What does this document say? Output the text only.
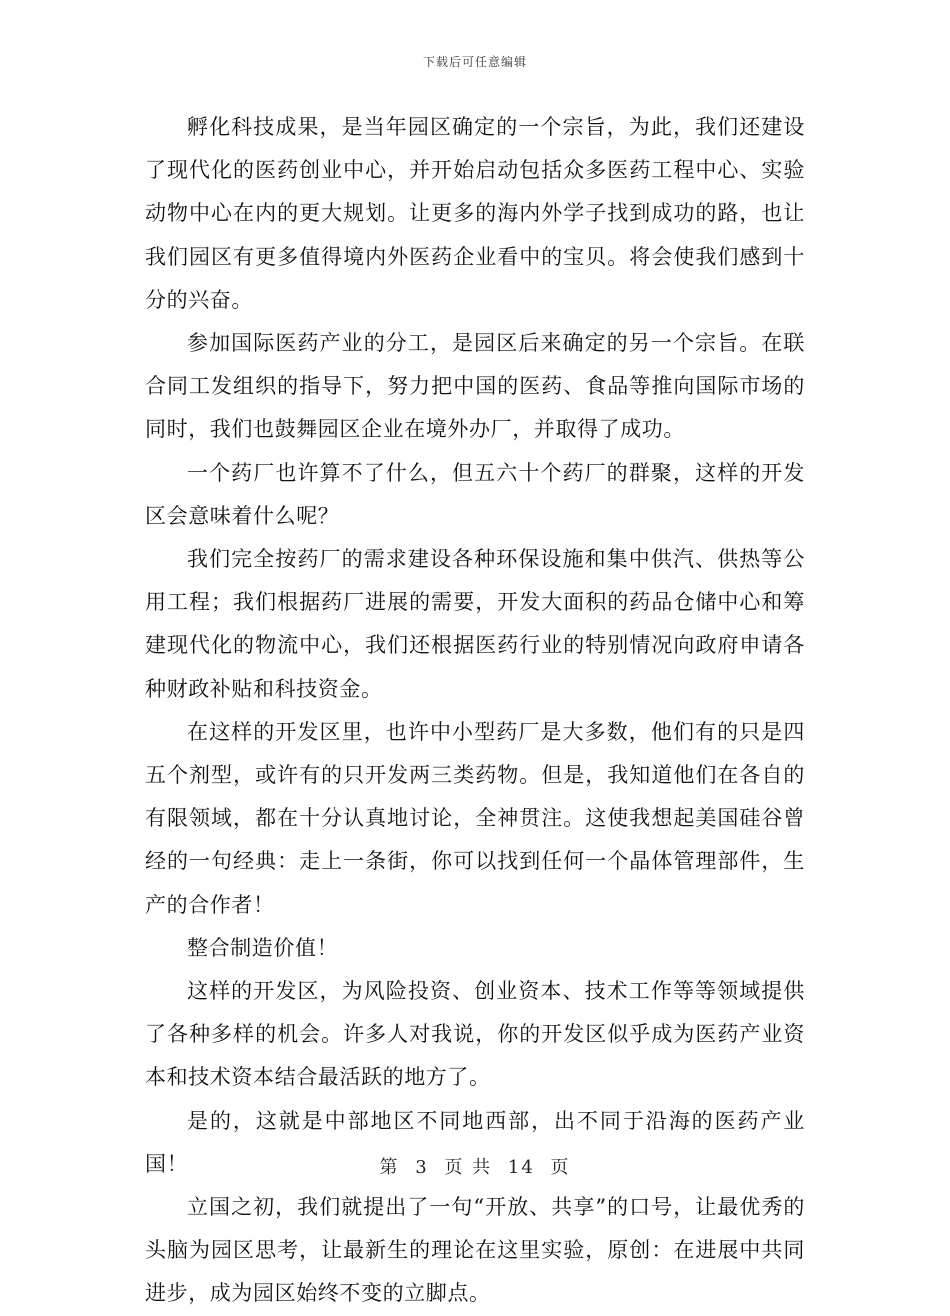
下载后可任意编辑

孵化科技成果，是当年园区确定的一个宗旨，为此，我们还建设了现代化的医药创业中心，并开始启动包括众多医药工程中心、实验动物中心在内的更大规划。让更多的海内外学子找到成功的路，也让我们园区有更多值得境内外医药企业看中的宝贝。将会使我们感到十分的兴奋。

参加国际医药产业的分工，是园区后来确定的另一个宗旨。在联合同工发组织的指导下，努力把中国的医药、食品等推向国际市场的同时，我们也鼓舞园区企业在境外办厂，并取得了成功。

一个药厂也许算不了什么，但五六十个药厂的群聚，这样的开发区会意味着什么呢？

我们完全按药厂的需求建设各种环保设施和集中供汽、供热等公用工程；我们根据药厂进展的需要，开发大面积的药品仓储中心和筹建现代化的物流中心，我们还根据医药行业的特别情况向政府申请各种财政补贴和科技资金。

在这样的开发区里，也许中小型药厂是大多数，他们有的只是四五个剂型，或许有的只开发两三类药物。但是，我知道他们在各自的有限领域，都在十分认真地讨论，全神贯注。这使我想起美国硅谷曾经的一句经典：走上一条街，你可以找到任何一个晶体管理部件，生产的合作者！

整合制造价值！

这样的开发区，为风险投资、创业资本、技术工作等等领域提供了各种多样的机会。许多人对我说，你的开发区似乎成为医药产业资本和技术资本结合最活跃的地方了。

是的，这就是中部地区不同地西部，出不同于沿海的医药产业国！

立国之初，我们就提出了一句“开放、共享”的口号，让最优秀的头脑为园区思考，让最新生的理论在这里实验，原创：在进展中共同进步，成为园区始终不变的立脚点。

第 3 页 共 14 页
